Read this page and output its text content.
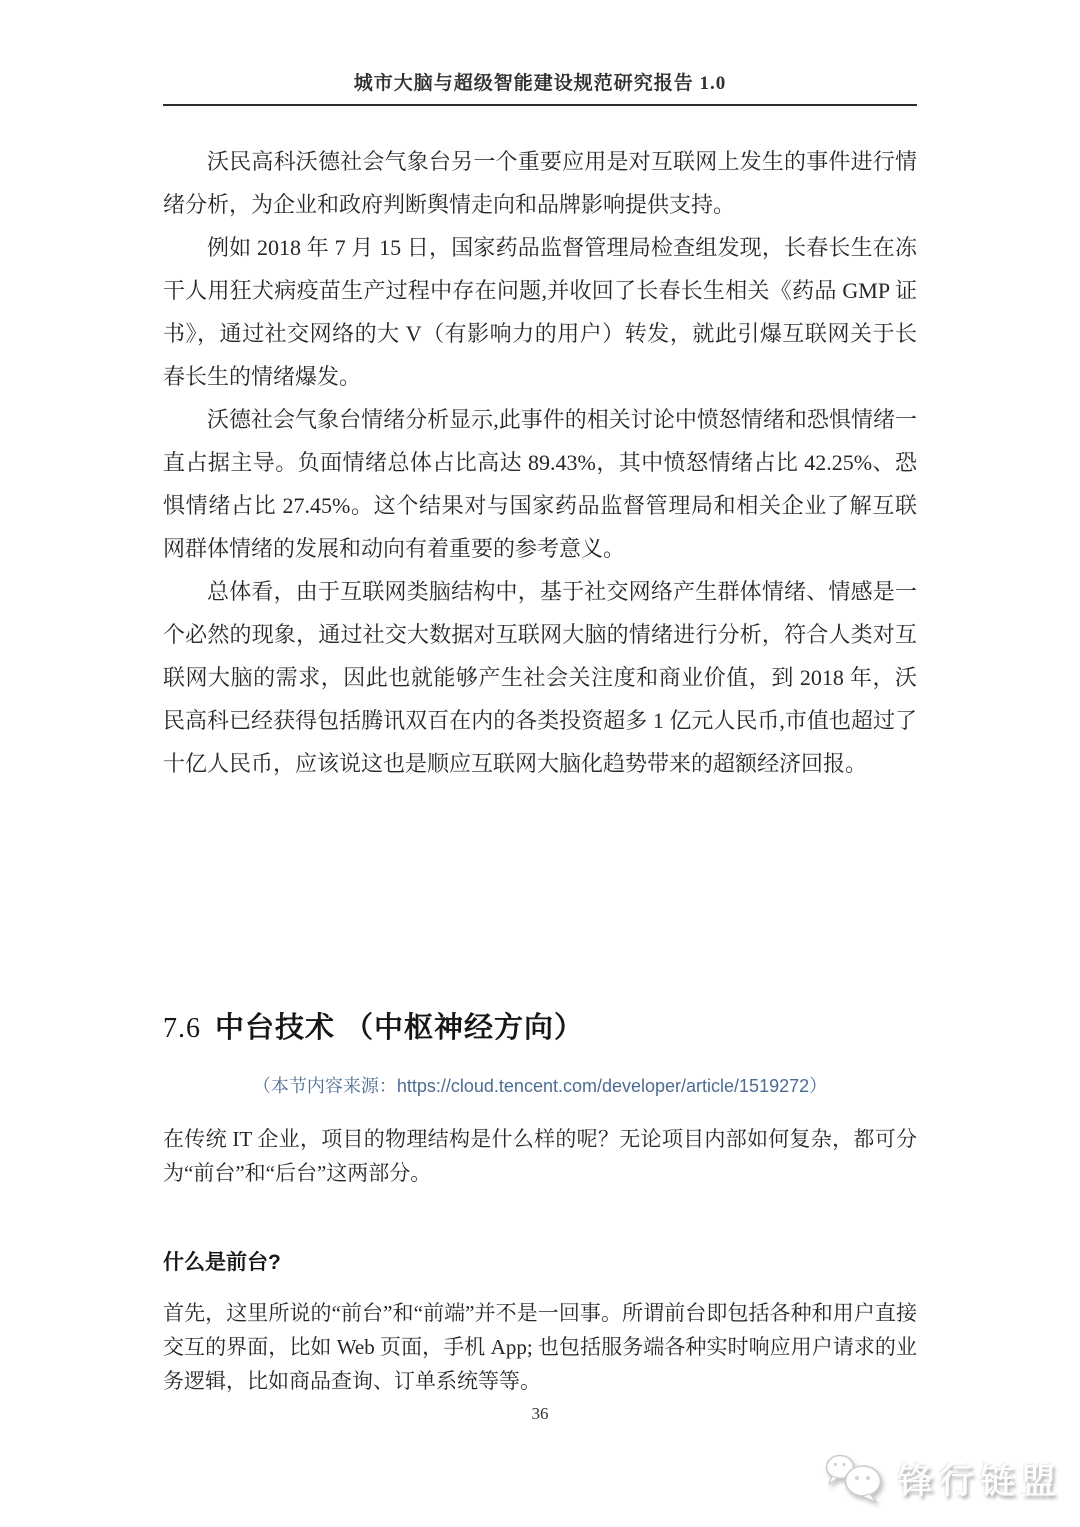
城市大脑与超级智能建设规范研究报告 1.0

沃民高科沃德社会气象台另一个重要应用是对互联网上发生的事件进行情绪分析，为企业和政府判断舆情走向和品牌影响提供支持。

例如 2018 年 7 月 15 日，国家药品监督管理局检查组发现，长春长生在冻干人用狂犬病疫苗生产过程中存在问题,并收回了长春长生相关《药品 GMP 证书》，通过社交网络的大 V（有影响力的用户）转发，就此引爆互联网关于长春长生的情绪爆发。

沃德社会气象台情绪分析显示,此事件的相关讨论中愤怒情绪和恐惧情绪一直占据主导。负面情绪总体占比高达 89.43%，其中愤怒情绪占比 42.25%、恐惧情绪占比 27.45%。这个结果对与国家药品监督管理局和相关企业了解互联网群体情绪的发展和动向有着重要的参考意义。

总体看，由于互联网类脑结构中，基于社交网络产生群体情绪、情感是一个必然的现象，通过社交大数据对互联网大脑的情绪进行分析，符合人类对互联网大脑的需求，因此也就能够产生社会关注度和商业价值，到 2018 年，沃民高科已经获得包括腾讯双百在内的各类投资超多 1 亿元人民币,市值也超过了十亿人民币，应该说这也是顺应互联网大脑化趋势带来的超额经济回报。

7.6 中台技术 （中枢神经方向）
（本节内容来源：https://cloud.tencent.com/developer/article/1519272）

在传统 IT 企业，项目的物理结构是什么样的呢？无论项目内部如何复杂，都可分为“前台”和“后台”这两部分。

什么是前台?

首先，这里所说的“前台”和“前端”并不是一回事。所谓前台即包括各种和用户直接交互的界面，比如 Web 页面，手机 App; 也包括服务端各种实时响应用户请求的业务逻辑，比如商品查询、订单系统等等。

36
锋行链盟
